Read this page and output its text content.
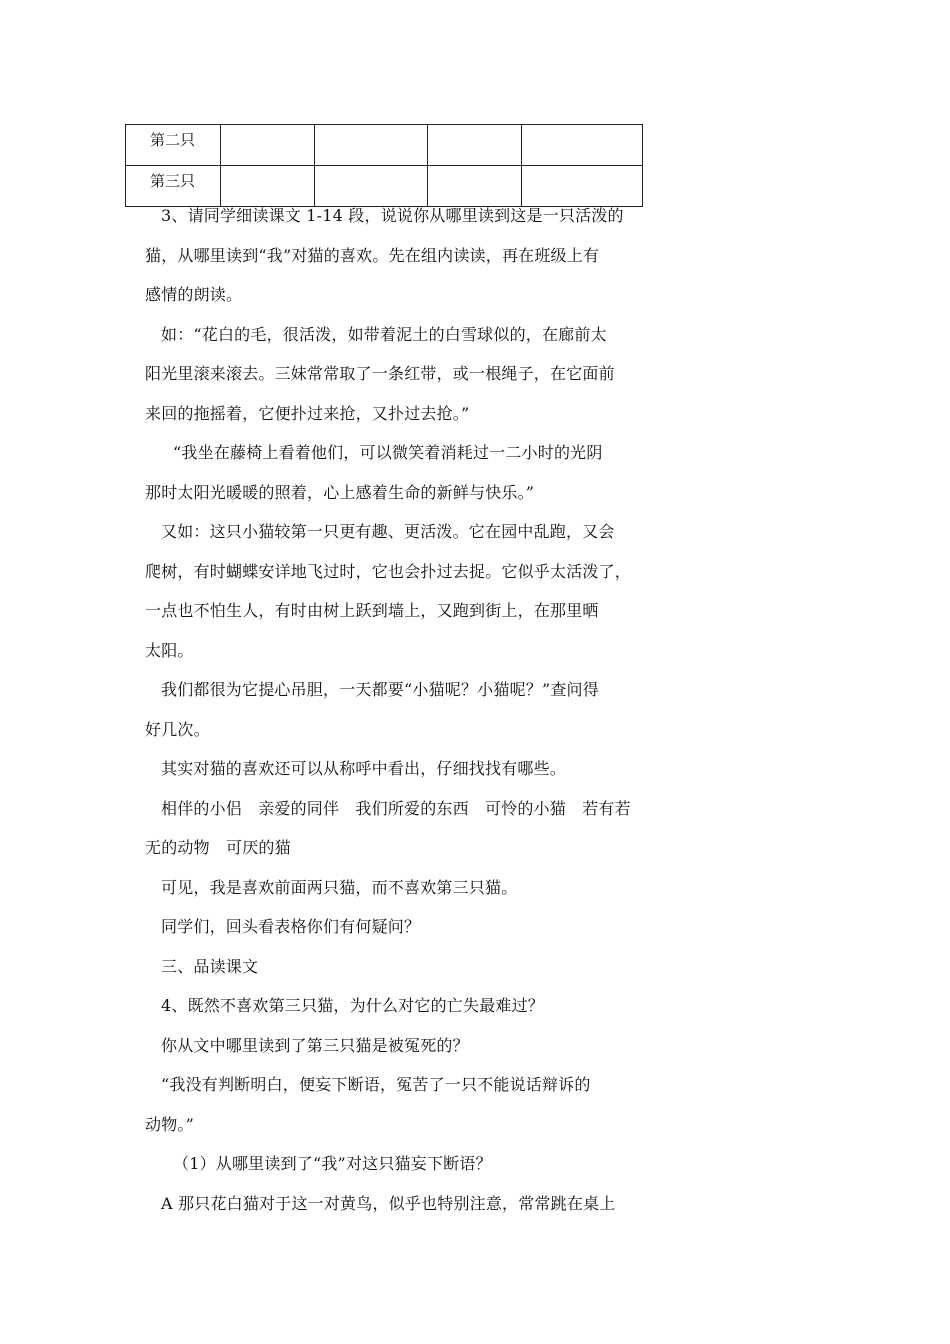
第二只				
第三只				
3、请同学细读课文 1-14 段，说说你从哪里读到这是一只活泼的
猫，从哪里读到“我”对猫的喜欢。先在组内读读，再在班级上有
感情的朗读。
如：“花白的毛，很活泼，如带着泥土的白雪球似的，在廊前太
阳光里滚来滚去。三妹常常取了一条红带，或一根绳子，在它面前
来回的拖摇着，它便扑过来抢，又扑过去抢。”
“我坐在藤椅上看着他们，可以微笑着消耗过一二小时的光阴
那时太阳光暖暖的照着，心上感着生命的新鲜与快乐。”
又如：这只小猫较第一只更有趣、更活泼。它在园中乱跑，又会
爬树，有时蝴蝶安详地飞过时，它也会扑过去捉。它似乎太活泼了，
一点也不怕生人，有时由树上跃到墙上，又跑到街上，在那里晒
太阳。
我们都很为它提心吊胆，一天都要“小猫呢？小猫呢？”查问得
好几次。
其实对猫的喜欢还可以从称呼中看出，仔细找找有哪些。
相伴的小侣　亲爱的同伴　我们所爱的东西　可怜的小猫　若有若
无的动物　可厌的猫
可见，我是喜欢前面两只猫，而不喜欢第三只猫。
同学们，回头看表格你们有何疑问？
三、品读课文
4、既然不喜欢第三只猫，为什么对它的亡失最难过？
你从文中哪里读到了第三只猫是被冤死的？
“我没有判断明白，便妄下断语，冤苦了一只不能说话辩诉的
动物。”
（1）从哪里读到了“我”对这只猫妄下断语？
A 那只花白猫对于这一对黄鸟，似乎也特别注意，常常跳在桌上
